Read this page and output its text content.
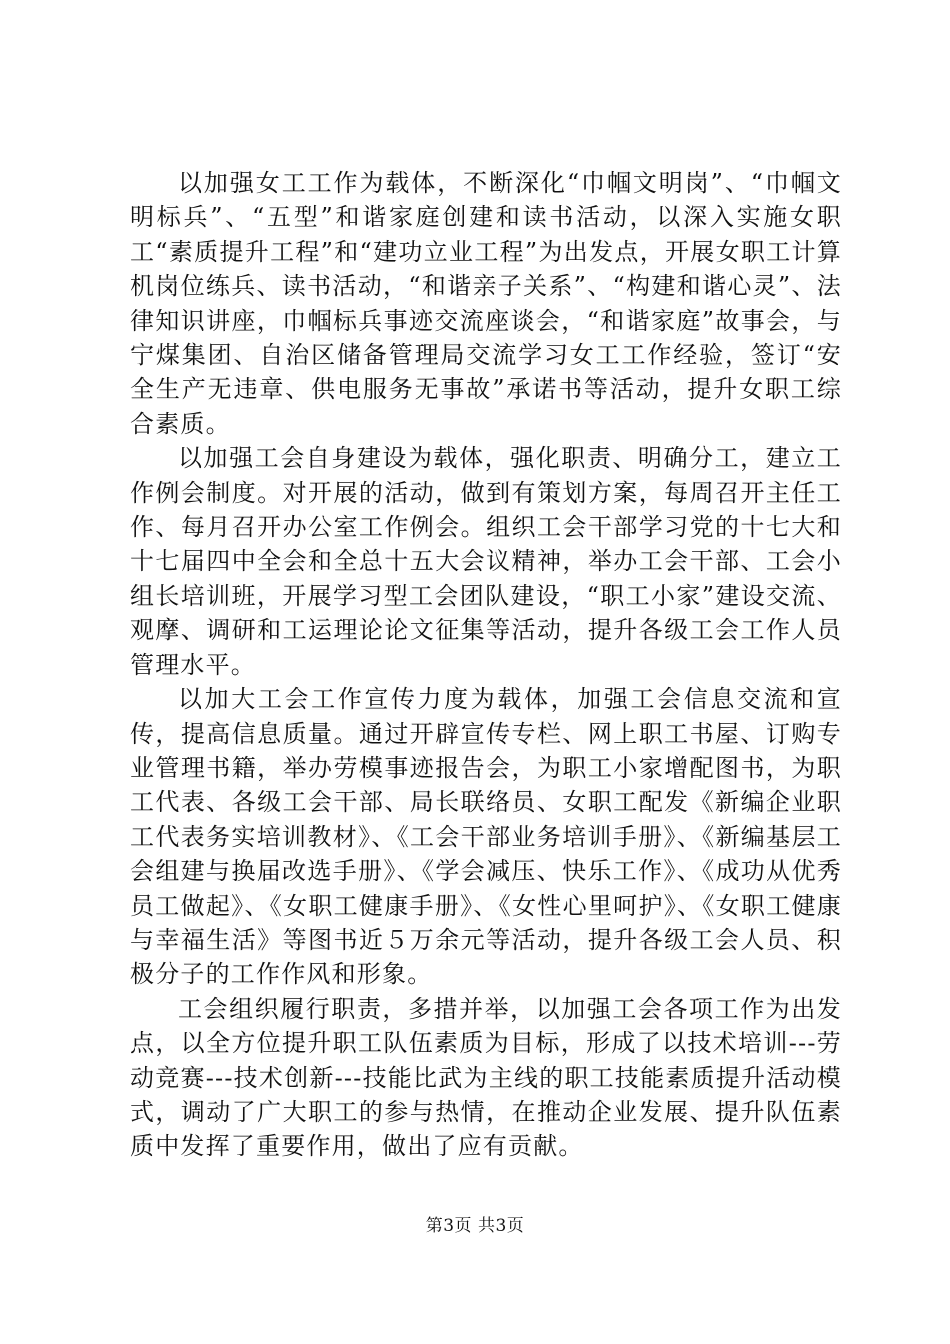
以加强女工工作为载体，不断深化“巾帼文明岗”、“巾帼文明标兵”、“五型”和谐家庭创建和读书活动，以深入实施女职工“素质提升工程”和“建功立业工程”为出发点，开展女职工计算机岗位练兵、读书活动，“和谐亲子关系”、“构建和谐心灵”、法律知识讲座，巾帼标兵事迹交流座谈会，“和谐家庭”故事会，与宁煤集团、自治区储备管理局交流学习女工工作经验，签订“安全生产无违章、供电服务无事故”承诺书等活动，提升女职工综合素质。

以加强工会自身建设为载体，强化职责、明确分工，建立工作例会制度。对开展的活动，做到有策划方案，每周召开主任工作、每月召开办公室工作例会。组织工会干部学习党的十七大和十七届四中全会和全总十五大会议精神，举办工会干部、工会小组长培训班，开展学习型工会团队建设，“职工小家”建设交流、观摩、调研和工运理论论文征集等活动，提升各级工会工作人员管理水平。

以加大工会工作宣传力度为载体，加强工会信息交流和宣传，提高信息质量。通过开辟宣传专栏、网上职工书屋、订购专业管理书籍，举办劳模事迹报告会，为职工小家增配图书，为职工代表、各级工会干部、局长联络员、女职工配发《新编企业职工代表务实培训教材》、《工会干部业务培训手册》、《新编基层工会组建与换届改选手册》、《学会减压、快乐工作》、《成功从优秀员工做起》、《女职工健康手册》、《女性心里呵护》、《女职工健康与幸福生活》等图书近５万余元等活动，提升各级工会人员、积极分子的工作作风和形象。

工会组织履行职责，多措并举，以加强工会各项工作为出发点，以全方位提升职工队伍素质为目标，形成了以技术培训---劳动竞赛---技术创新---技能比武为主线的职工技能素质提升活动模式，调动了广大职工的参与热情，在推动企业发展、提升队伍素质中发挥了重要作用，做出了应有贡献。

第3页 共3页
